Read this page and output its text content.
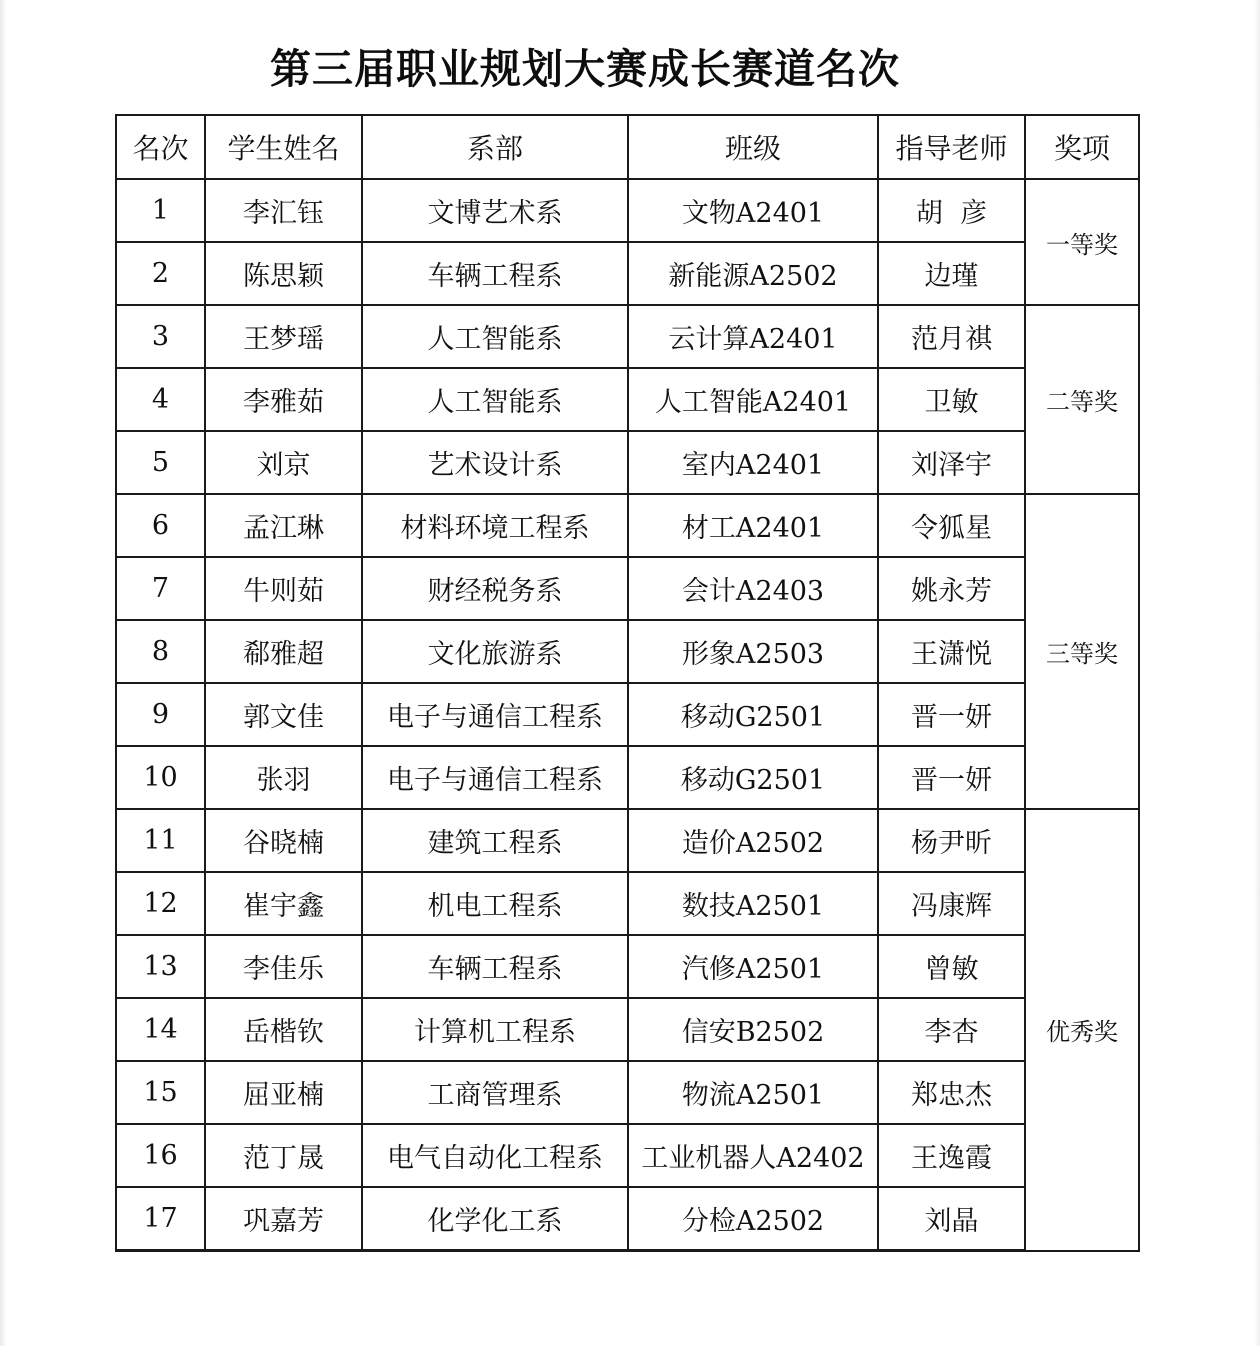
第三届职业规划大赛成长赛道名次
名次	学生姓名	系部	班级	指导老师	奖项
1	李汇钰	文博艺术系	文物A2401	胡  彦	一等奖
2	陈思颖	车辆工程系	新能源A2502	边瑾	
3	王梦瑶	人工智能系	云计算A2401	范月祺	二等奖
4	李雅茹	人工智能系	人工智能A2401	卫敏	
5	刘京	艺术设计系	室内A2401	刘泽宇	
6	孟江琳	材料环境工程系	材工A2401	令狐星	三等奖
7	牛则茹	财经税务系	会计A2403	姚永芳	
8	郗雅超	文化旅游系	形象A2503	王潇悦	
9	郭文佳	电子与通信工程系	移动G2501	晋一妍	
10	张羽	电子与通信工程系	移动G2501	晋一妍	
11	谷晓楠	建筑工程系	造价A2502	杨尹昕	优秀奖
12	崔宇鑫	机电工程系	数技A2501	冯康辉	
13	李佳乐	车辆工程系	汽修A2501	曾敏	
14	岳楷钦	计算机工程系	信安B2502	李杏	
15	屈亚楠	工商管理系	物流A2501	郑忠杰	
16	范丁晟	电气自动化工程系	工业机器人A2402	王逸霞	
17	巩嘉芳	化学化工系	分检A2502	刘晶	
